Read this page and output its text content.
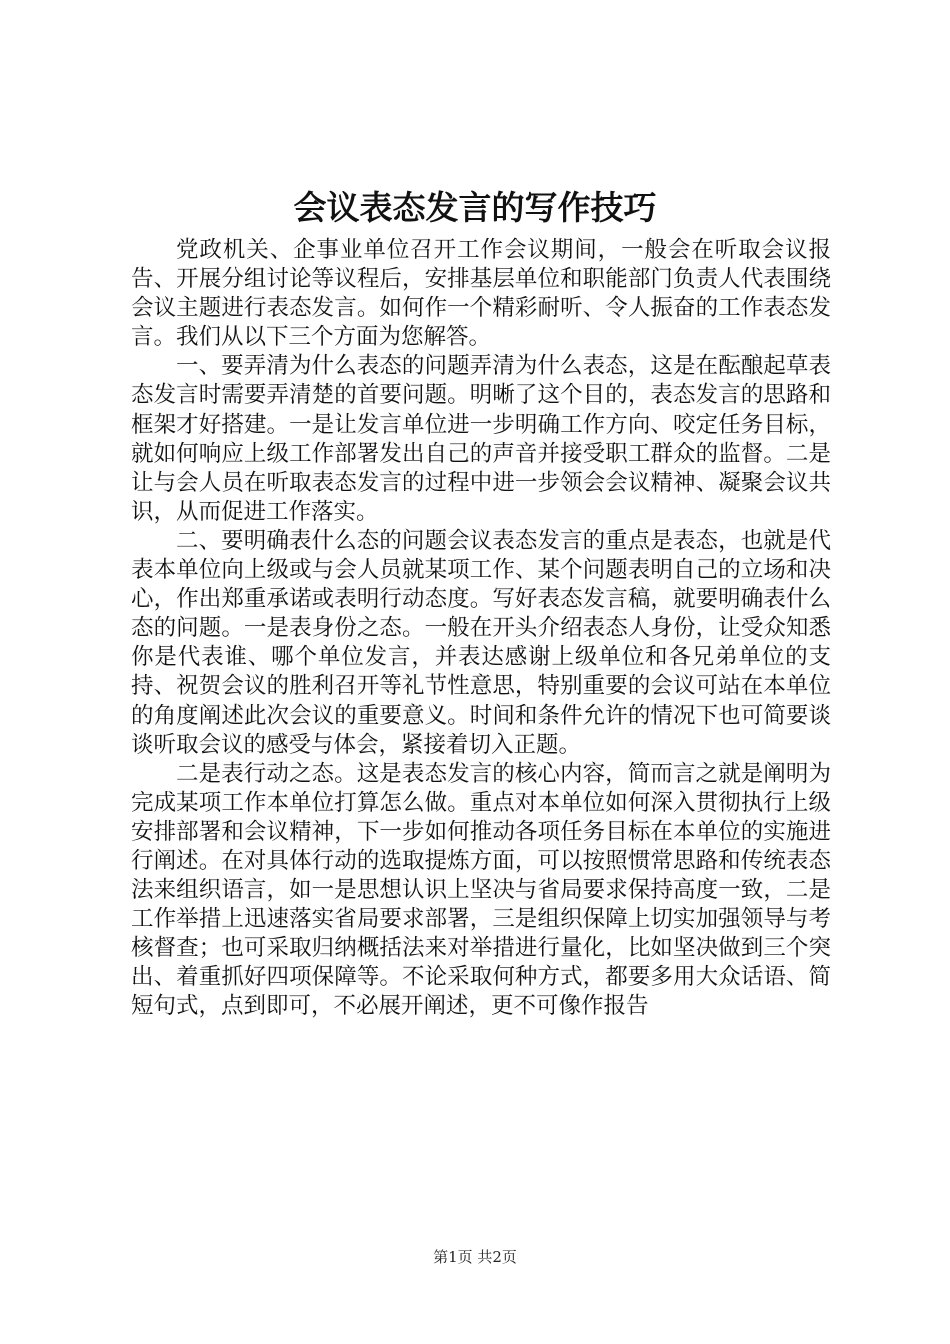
会议表态发言的写作技巧

党政机关、企事业单位召开工作会议期间，一般会在听取会议报告、开展分组讨论等议程后，安排基层单位和职能部门负责人代表围绕会议主题进行表态发言。如何作一个精彩耐听、令人振奋的工作表态发言。我们从以下三个方面为您解答。

一、要弄清为什么表态的问题弄清为什么表态，这是在酝酿起草表态发言时需要弄清楚的首要问题。明晰了这个目的，表态发言的思路和框架才好搭建。一是让发言单位进一步明确工作方向、咬定任务目标，就如何响应上级工作部署发出自己的声音并接受职工群众的监督。二是让与会人员在听取表态发言的过程中进一步领会会议精神、凝聚会议共识，从而促进工作落实。

二、要明确表什么态的问题会议表态发言的重点是表态，也就是代表本单位向上级或与会人员就某项工作、某个问题表明自己的立场和决心，作出郑重承诺或表明行动态度。写好表态发言稿，就要明确表什么态的问题。一是表身份之态。一般在开头介绍表态人身份，让受众知悉你是代表谁、哪个单位发言，并表达感谢上级单位和各兄弟单位的支持、祝贺会议的胜利召开等礼节性意思，特别重要的会议可站在本单位的角度阐述此次会议的重要意义。时间和条件允许的情况下也可简要谈谈听取会议的感受与体会，紧接着切入正题。

二是表行动之态。这是表态发言的核心内容，简而言之就是阐明为完成某项工作本单位打算怎么做。重点对本单位如何深入贯彻执行上级安排部署和会议精神，下一步如何推动各项任务目标在本单位的实施进行阐述。在对具体行动的选取提炼方面，可以按照惯常思路和传统表态法来组织语言，如一是思想认识上坚决与省局要求保持高度一致，二是工作举措上迅速落实省局要求部署，三是组织保障上切实加强领导与考核督查；也可采取归纳概括法来对举措进行量化，比如坚决做到三个突出、着重抓好四项保障等。不论采取何种方式，都要多用大众话语、简短句式，点到即可，不必展开阐述，更不可像作报告

第1页 共2页
